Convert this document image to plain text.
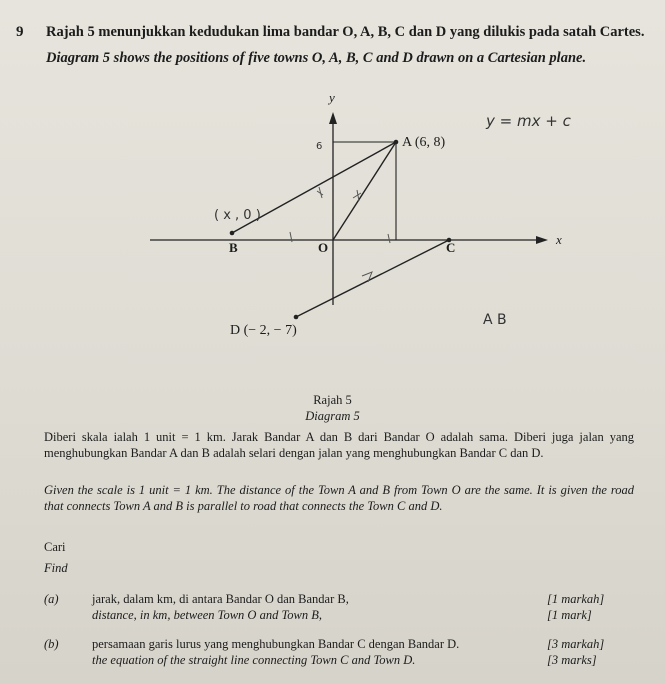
9 Rajah 5 menunjukkan kedudukan lima bandar O, A, B, C dan D yang dilukis pada satah Cartes.
Diagram 5 shows the positions of five towns O, A, B, C and D drawn on a Cartesian plane.
y
x
A (6, 8)
B	O	C
D (− 2, − 7)
y = mx + c
6
( x , 0 )
A B
Rajah 5
Diagram 5
Diberi skala ialah 1 unit = 1 km. Jarak Bandar A dan B dari Bandar O adalah sama. Diberi juga jalan yang menghubungkan Bandar A dan B adalah selari dengan jalan yang menghubungkan Bandar C dan D.
Given the scale is 1 unit = 1 km. The distance of the Town A and B from Town O are the same. It is given the road that connects Town A and B is parallel to road that connects the Town C and D.
Cari
Find
(a)	jarak, dalam km, di antara Bandar O dan Bandar B,	[1 markah]
distance, in km, between Town O and Town B,	[1 mark]
(b)	persamaan garis lurus yang menghubungkan Bandar C dengan Bandar D.	[3 markah]
the equation of the straight line connecting Town C and Town D.	[3 marks]
